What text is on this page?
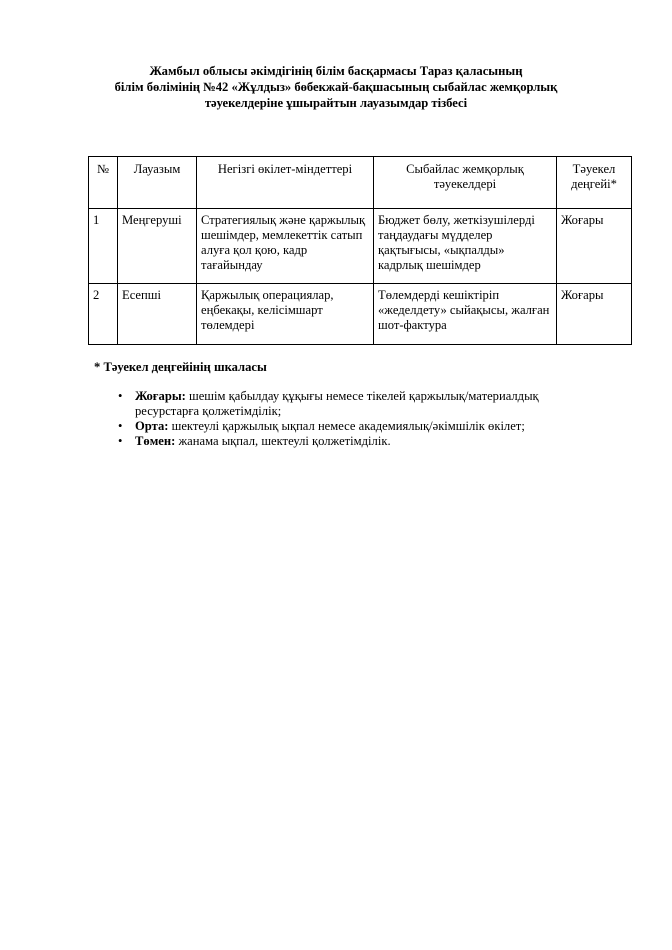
Жамбыл облысы әкімдігінің білім басқармасы Тараз қаласының
білім бөлімінің №42 «Жұлдыз» бөбекжай-бақшасының сыбайлас жемқорлық
тәуекелдеріне ұшырайтын лауазымдар тізбесі
№	Лауазым	Негізгі өкілет-міндеттері	Сыбайлас жемқорлық тәуекелдері	Тәуекел деңгейі*
1	Меңгеруші	Стратегиялық және қаржылық шешімдер, мемлекеттік сатып алуға қол қою, кадр тағайындау	Бюджет бөлу, жеткізушілерді таңдаудағы мүдделер қақтығысы, «ықпалды» кадрлық шешімдер	Жоғары
2	Есепші	Қаржылық операциялар, еңбекақы, келісімшарт төлемдері	Төлемдерді кешіктіріп «жеделдету» сыйақысы, жалған шот-фактура	Жоғары
* Тәуекел деңгейінің шкаласы
• Жоғары: шешім қабылдау құқығы немесе тікелей қаржылық/материалдық ресурстарға қолжетімділік;
• Орта: шектеулі қаржылық ықпал немесе академиялық/әкімшілік өкілет;
• Төмен: жанама ықпал, шектеулі қолжетімділік.
